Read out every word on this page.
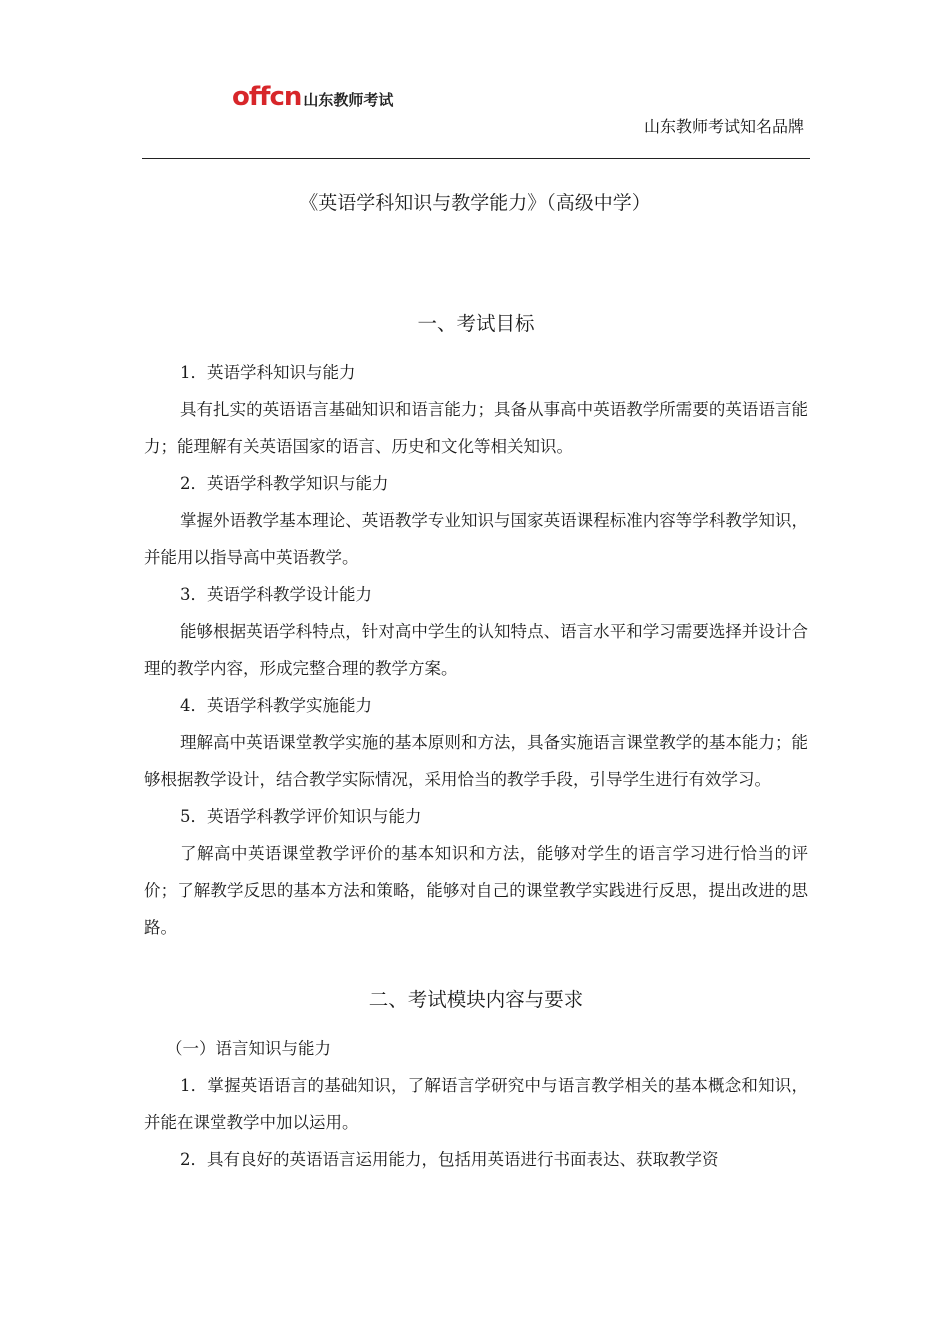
offcn 山东教师考试
山东教师考试知名品牌
《英语学科知识与教学能力》（高级中学）
一、考试目标
1．英语学科知识与能力

具有扎实的英语语言基础知识和语言能力；具备从事高中英语教学所需要的英语语言能力；能理解有关英语国家的语言、历史和文化等相关知识。

2．英语学科教学知识与能力

掌握外语教学基本理论、英语教学专业知识与国家英语课程标准内容等学科教学知识，并能用以指导高中英语教学。

3．英语学科教学设计能力

能够根据英语学科特点，针对高中学生的认知特点、语言水平和学习需要选择并设计合理的教学内容，形成完整合理的教学方案。

4．英语学科教学实施能力

理解高中英语课堂教学实施的基本原则和方法，具备实施语言课堂教学的基本能力；能够根据教学设计，结合教学实际情况，采用恰当的教学手段，引导学生进行有效学习。

5．英语学科教学评价知识与能力

了解高中英语课堂教学评价的基本知识和方法，能够对学生的语言学习进行恰当的评价；了解教学反思的基本方法和策略，能够对自己的课堂教学实践进行反思，提出改进的思路。

二、考试模块内容与要求
（一）语言知识与能力

1．掌握英语语言的基础知识，了解语言学研究中与语言教学相关的基本概念和知识，并能在课堂教学中加以运用。

2．具有良好的英语语言运用能力，包括用英语进行书面表达、获取教学资
